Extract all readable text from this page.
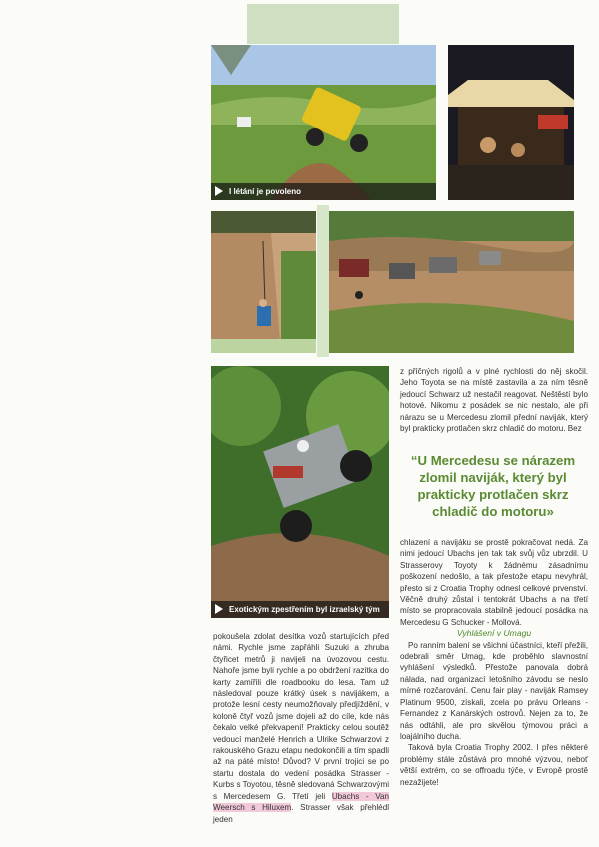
I létání je povoleno
Exotickým zpestřením byl izraelský tým

z příčných rigolů a v plné rychlosti do něj skočil. Jeho Toyota se na místě zastavila a za ním těsně jedoucí Schwarz už nestačil reagovat. Neštěstí bylo hotové. Nikomu z posádek se nic nestalo, ale při nárazu se u Mercedesu zlomil přední naviják, který byl prakticky protlačen skrz chladič do motoru. Bez

“U Mercedesu se nárazem zlomil naviják, který byl prakticky protlačen skrz chladič do motoru»

chlazení a navijáku se prostě pokračovat nedá. Za nimi jedoucí Ubachs jen tak tak svůj vůz ubrzdil. U Strasserovy Toyoty k žádnému zásadnímu poškození nedošlo, a tak přestože etapu nevyhrál, přesto si z Croatia Trophy odnesl celkové prvenství. Věčně druhý zůstal i tentokrát Ubachs a na třetí místo se propracovala stabilně jedoucí posádka na Mercedesu G Schucker - Mollová.

Vyhlášení v Umagu

Po ranním balení se všichni účastníci, kteří přežili, odebrali směr Umag, kde proběhlo slavnostní vyhlášení výsledků. Přestože panovala dobrá nálada, nad organizací letošního závodu se neslo mírné rozčarování. Cenu fair play - naviják Ramsey Platinum 9500, získali, zcela po právu Orleans - Fernandez z Kanárských ostrovů. Nejen za to, že nás odtáhli, ale pro skvělou týmovou práci a loajálního ducha.

Taková byla Croatia Trophy 2002. I přes některé problémy stále zůstává pro mnohé výzvou, neboť větší extrém, co se offroadu týče, v Evropě prostě nezažijete!

pokoušela zdolat desítka vozů startujících před námi. Rychle jsme zapřáhli Suzuki a zhruba čtyřicet metrů ji navijeli na úvozovou cestu. Nahoře jsme byli rychle a po obdržení razítka do karty zamířili dle roadbooku do lesa. Tam už následoval pouze krátký úsek s navijákem, a protože lesní cesty neumožňovaly předjíždění, v koloně čtyř vozů jsme dojeli až do cíle, kde nás čekalo velké překvapení! Prakticky celou soutěž vedoucí manželé Henrich a Ulrike Schwarzovi z rakouského Grazu etapu nedokončili a tím spadli až na páté místo! Důvod? V první trojici se po startu dostala do vedení posádka Strasser - Kurbs s Toyotou, těsně sledovaná Schwarzovými s Mercedesem G. Třetí jeli Ubachs - Van Weersch s Hiluxem. Strasser však přehlédl jeden
